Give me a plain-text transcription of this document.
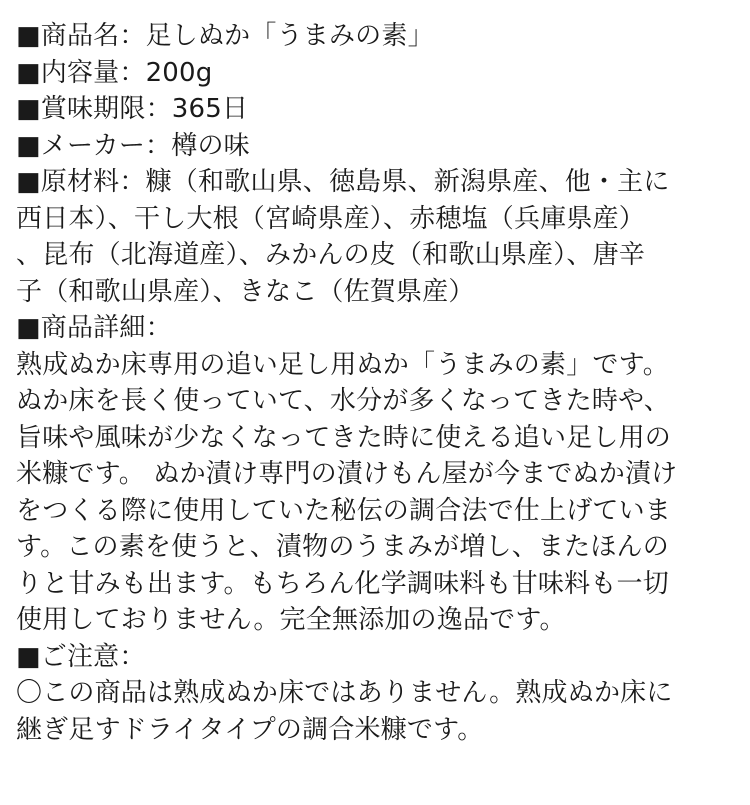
■商品名：足しぬか「うまみの素」
■内容量：200g
■賞味期限：365日
■メーカー：樽の味
■原材料：糠（和歌山県、徳島県、新潟県産、他・主に
西日本）、干し大根（宮崎県産）、赤穂塩（兵庫県産）
、昆布（北海道産）、みかんの皮（和歌山県産）、唐辛
子（和歌山県産）、きなこ（佐賀県産）
■商品詳細：
熟成ぬか床専用の追い足し用ぬか「うまみの素」です。
ぬか床を長く使っていて、水分が多くなってきた時や、
旨味や風味が少なくなってきた時に使える追い足し用の
米糠です。 ぬか漬け専門の漬けもん屋が今までぬか漬け
をつくる際に使用していた秘伝の調合法で仕上げていま
す。この素を使うと、漬物のうまみが増し、またほんの
りと甘みも出ます。もちろん化学調味料も甘味料も一切
使用しておりません。完全無添加の逸品です。
■ご注意：
〇この商品は熟成ぬか床ではありません。熟成ぬか床に
継ぎ足すドライタイプの調合米糠です。
